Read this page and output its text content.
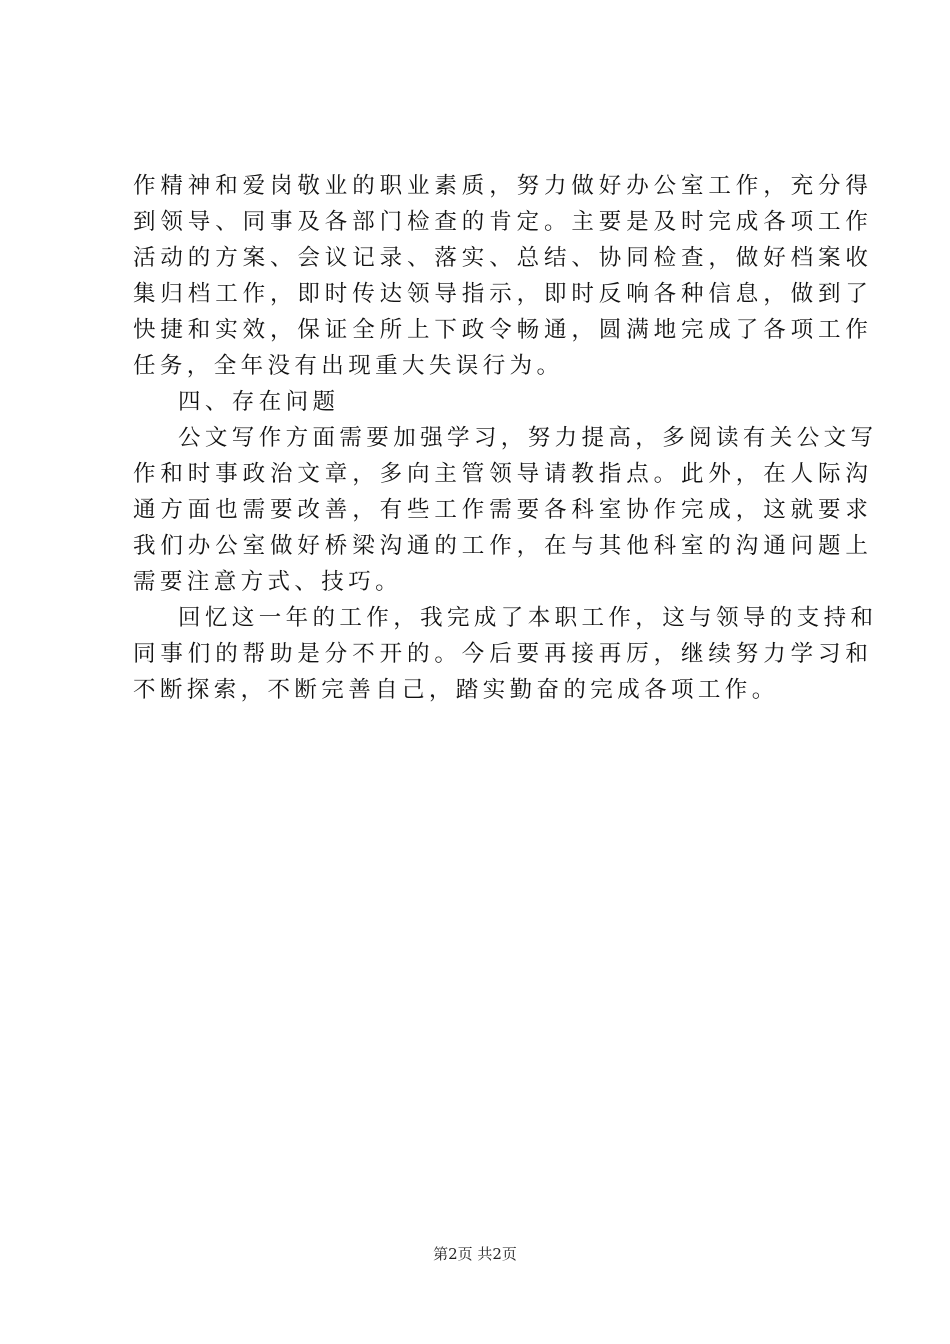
作精神和爱岗敬业的职业素质，努力做好办公室工作，充分得
到领导、同事及各部门检查的肯定。主要是及时完成各项工作
活动的方案、会议记录、落实、总结、协同检查，做好档案收
集归档工作，即时传达领导指示，即时反响各种信息，做到了
快捷和实效，保证全所上下政令畅通，圆满地完成了各项工作
任务，全年没有出现重大失误行为。
四、存在问题
公文写作方面需要加强学习，努力提高，多阅读有关公文写
作和时事政治文章，多向主管领导请教指点。此外，在人际沟
通方面也需要改善，有些工作需要各科室协作完成，这就要求
我们办公室做好桥梁沟通的工作，在与其他科室的沟通问题上
需要注意方式、技巧。
回忆这一年的工作，我完成了本职工作，这与领导的支持和
同事们的帮助是分不开的。今后要再接再厉，继续努力学习和
不断探索，不断完善自己，踏实勤奋的完成各项工作。
第2页 共2页
